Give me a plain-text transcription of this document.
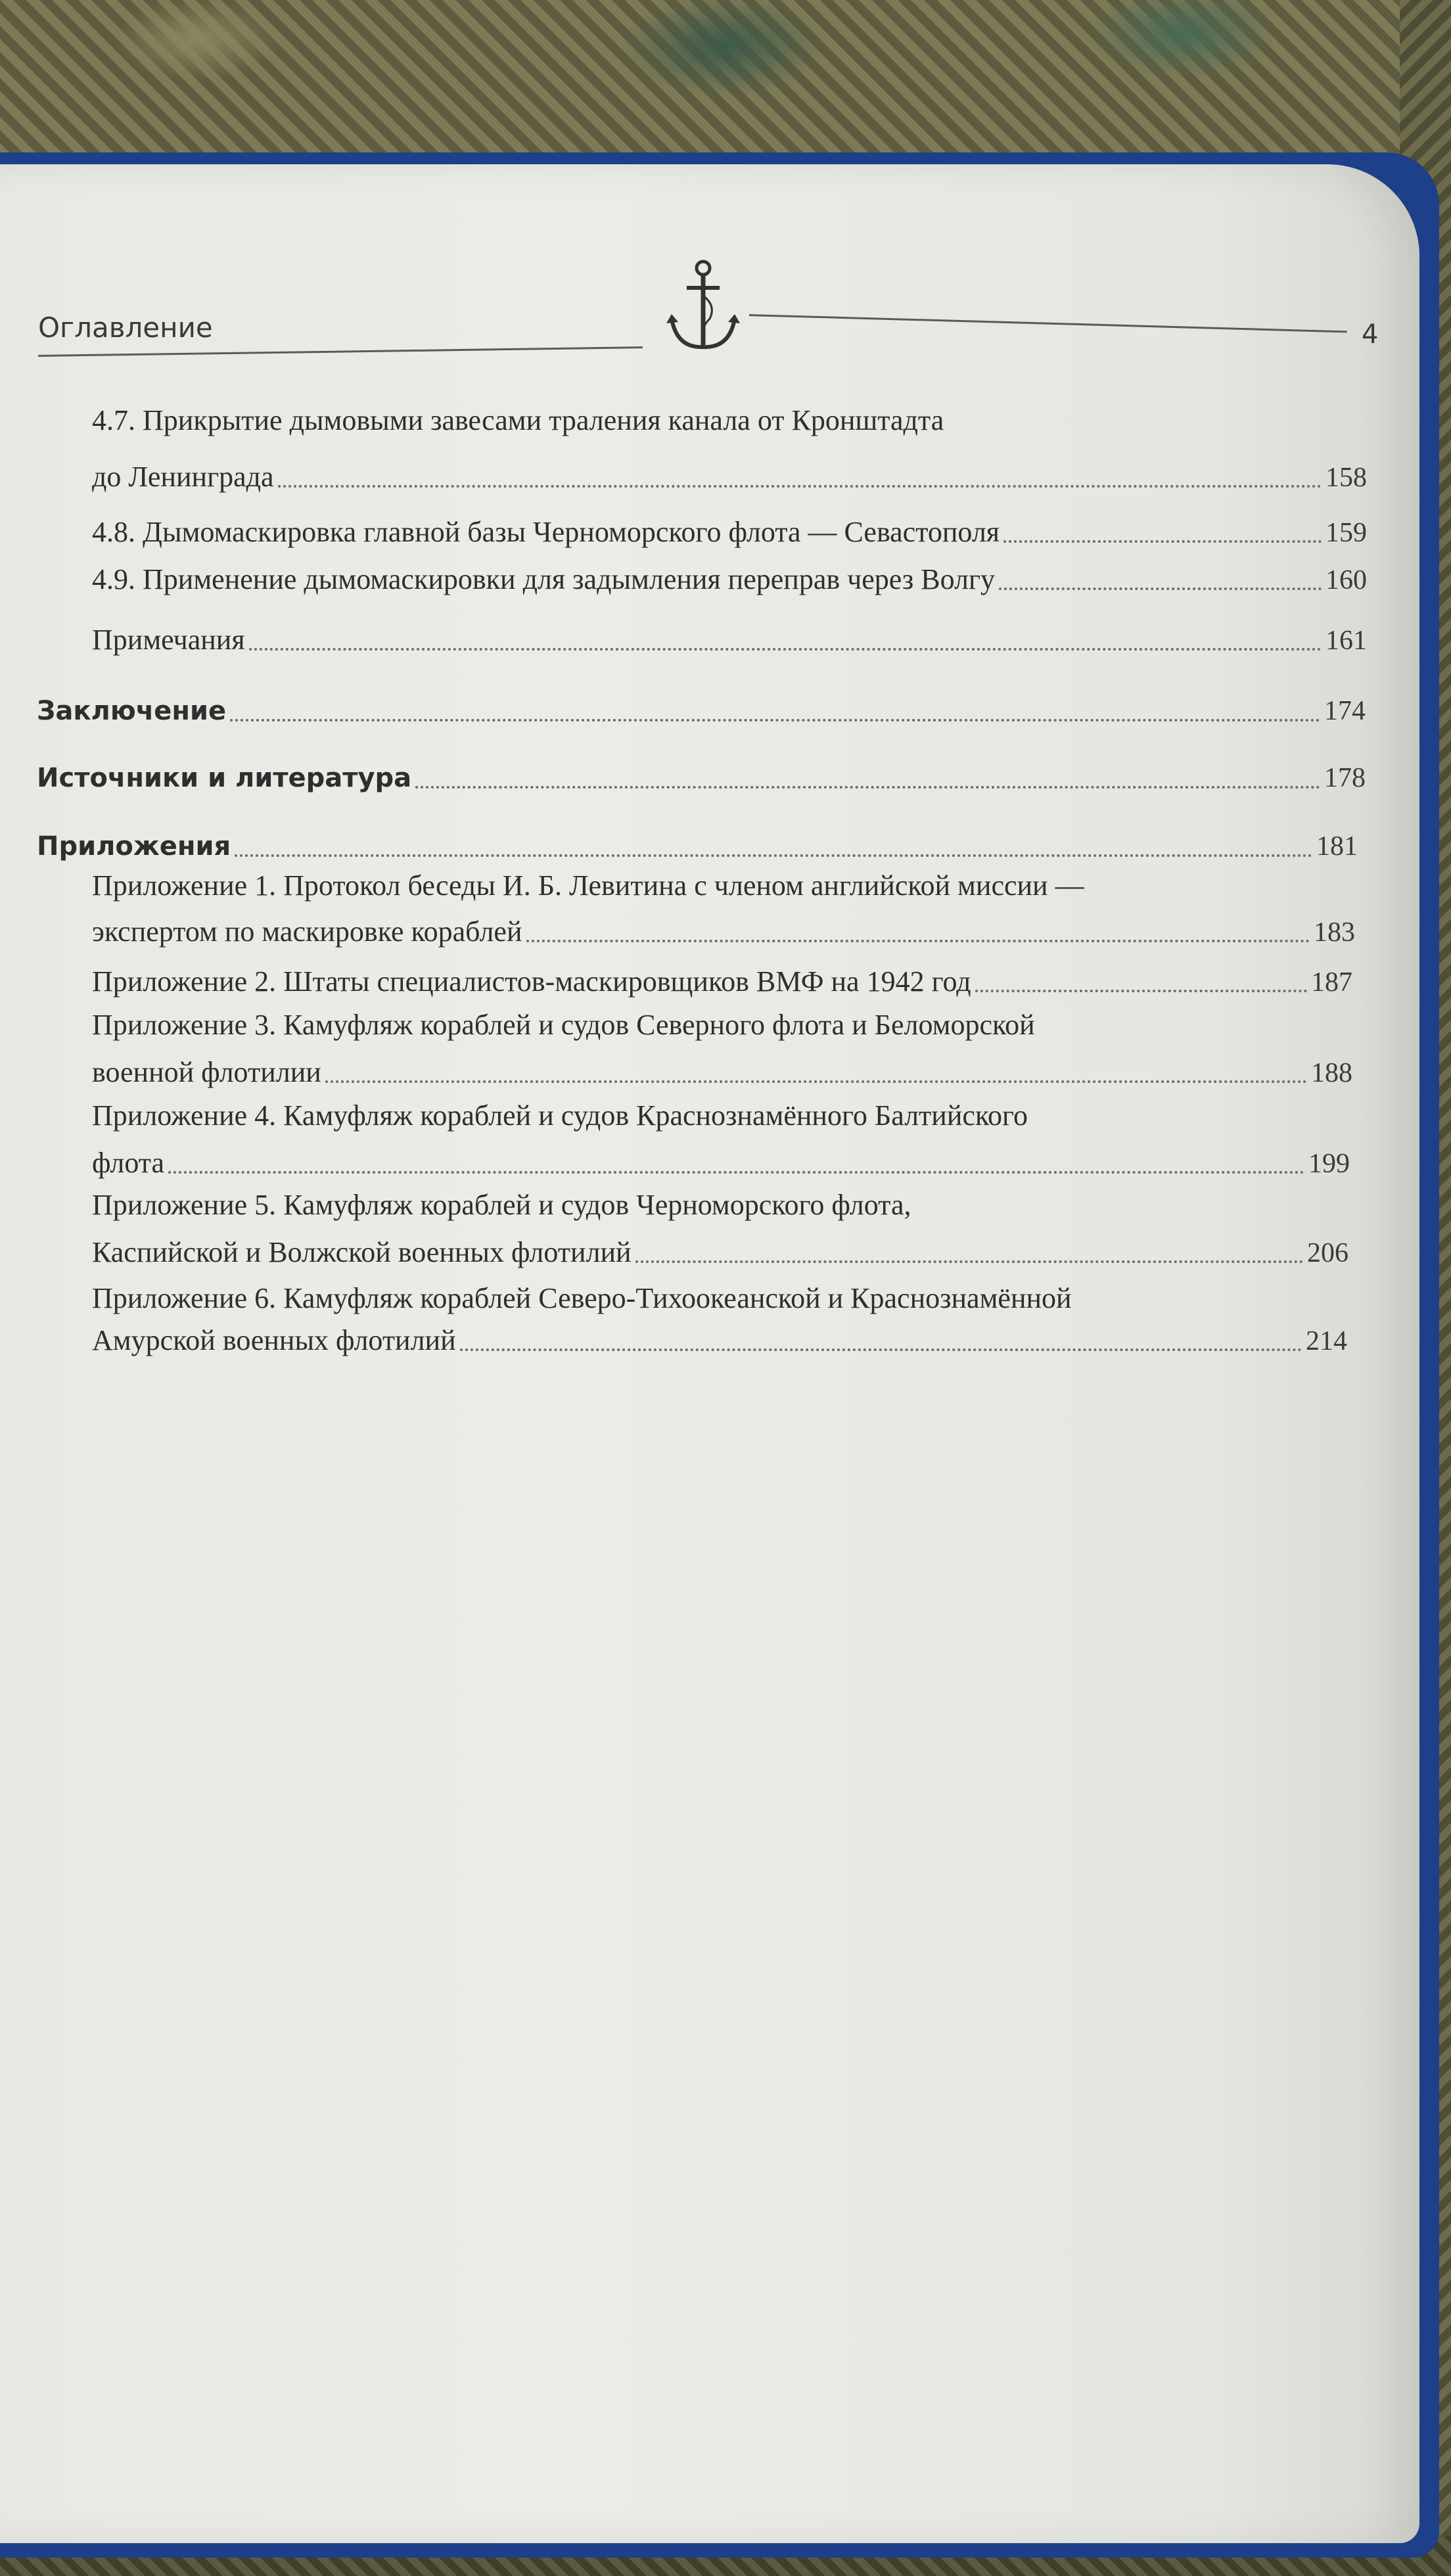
Оглавление	4
4.7. Прикрытие дымовыми завесами траления канала от Кронштадта
до Ленинграда	158
4.8. Дымомаскировка главной базы Черноморского флота — Севастополя	159
4.9. Применение дымомаскировки для задымления переправ через Волгу	160
Примечания	161
Заключение	174
Источники и литература	178
Приложения	181
Приложение 1. Протокол беседы И. Б. Левитина с членом английской миссии —
экспертом по маскировке кораблей	183
Приложение 2. Штаты специалистов-маскировщиков ВМФ на 1942 год	187
Приложение 3. Камуфляж кораблей и судов Северного флота и Беломорской
военной флотилии	188
Приложение 4. Камуфляж кораблей и судов Краснознамённого Балтийского
флота	199
Приложение 5. Камуфляж кораблей и судов Черноморского флота,
Каспийской и Волжской военных флотилий	206
Приложение 6. Камуфляж кораблей Северо-Тихоокеанской и Краснознамённой
Амурской военных флотилий	214
